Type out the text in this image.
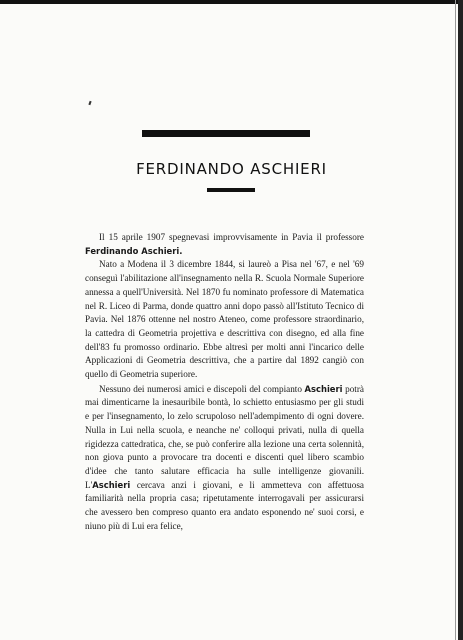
FERDINANDO ASCHIERI

Il 15 aprile 1907 spegnevasi improvvisamente in Pavia il professore Ferdinando Aschieri.

Nato a Modena il 3 dicembre 1844, si laureò a Pisa nel '67, e nel '69 conseguì l'abilitazione all'insegnamento nella R. Scuola Normale Superiore annessa a quell'Università. Nel 1870 fu nominato professore di Matematica nel R. Liceo di Parma, donde quattro anni dopo passò all'Istituto Tecnico di Pavia. Nel 1876 ottenne nel nostro Ateneo, come professore straordinario, la cattedra di Geometria projettiva e descrittiva con disegno, ed alla fine dell'83 fu promosso ordinario. Ebbe altresì per molti anni l'incarico delle Applicazioni di Geometria descrittiva, che a partire dal 1892 cangiò con quello di Geometria superiore.

Nessuno dei numerosi amici e discepoli del compianto Aschieri potrà mai dimenticarne la inesauribile bontà, lo schietto entusiasmo per gli studi e per l'insegnamento, lo zelo scrupoloso nell'adempimento di ogni dovere. Nulla in Lui nella scuola, e neanche ne' colloqui privati, nulla di quella rigidezza cattedratica, che, se può conferire alla lezione una certa solennità, non giova punto a provocare tra docenti e discenti quel libero scambio d'idee che tanto salutare efficacia ha sulle intelligenze giovanili. L'Aschieri cercava anzi i giovani, e li ammetteva con affettuosa familiarità nella propria casa; ripetutamente interrogavali per assicurarsi che avessero ben compreso quanto era andato esponendo ne' suoi corsi, e niuno più di Lui era felice,
